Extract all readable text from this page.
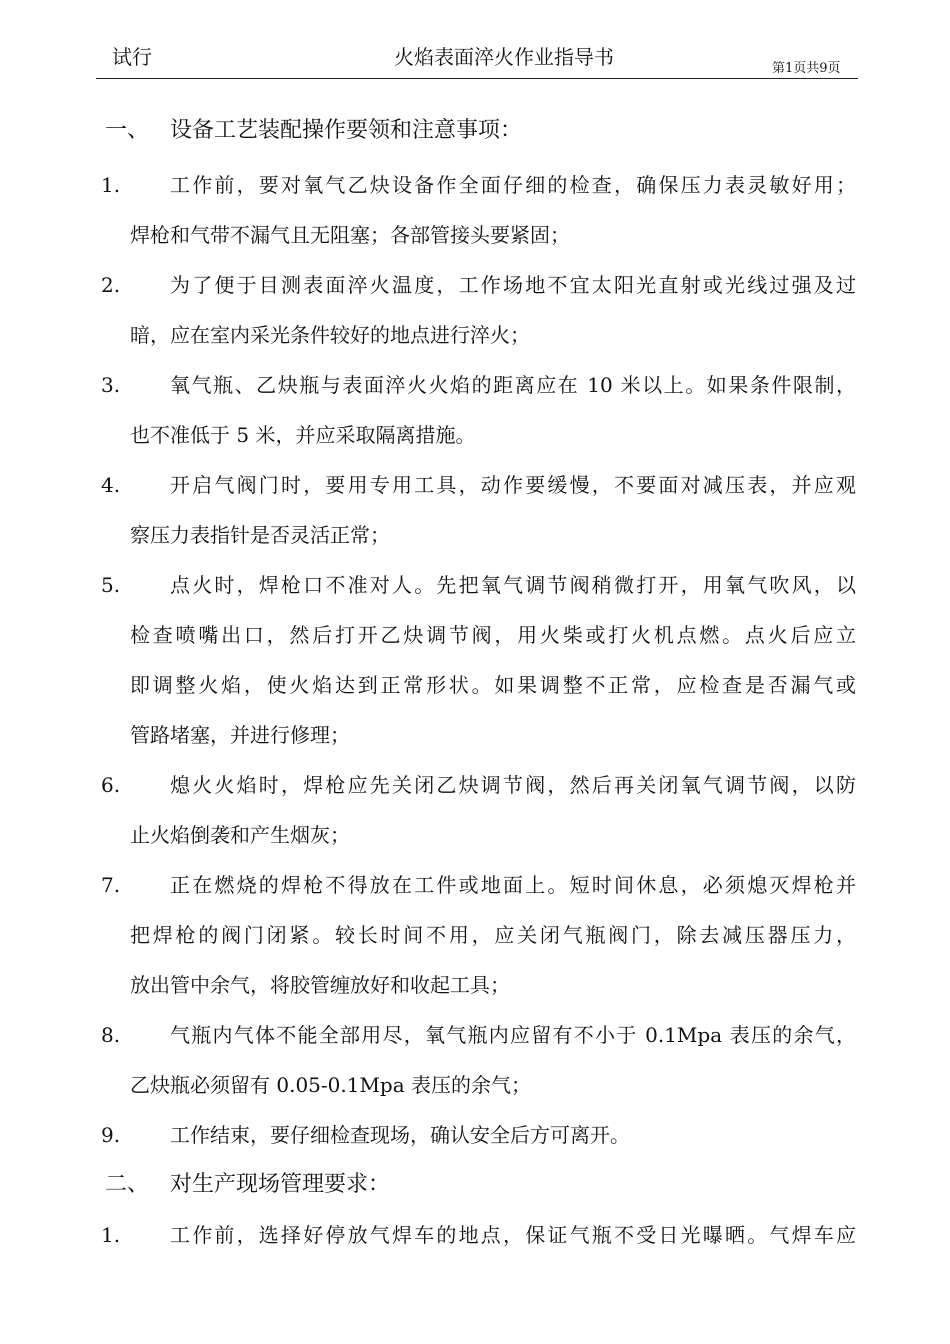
试行	火焰表面淬火作业指导书	第1页共9页
一、 设备工艺装配操作要领和注意事项：
1. 工作前，要对氧气乙炔设备作全面仔细的检查，确保压力表灵敏好用；
焊枪和气带不漏气且无阻塞；各部管接头要紧固；
2. 为了便于目测表面淬火温度，工作场地不宜太阳光直射或光线过强及过
暗，应在室内采光条件较好的地点进行淬火；
3. 氧气瓶、乙炔瓶与表面淬火火焰的距离应在 10 米以上。如果条件限制，
也不准低于 5 米，并应采取隔离措施。
4. 开启气阀门时，要用专用工具，动作要缓慢，不要面对减压表，并应观
察压力表指针是否灵活正常；
5. 点火时，焊枪口不准对人。先把氧气调节阀稍微打开，用氧气吹风，以
检查喷嘴出口，然后打开乙炔调节阀，用火柴或打火机点燃。点火后应立
即调整火焰，使火焰达到正常形状。如果调整不正常，应检查是否漏气或
管路堵塞，并进行修理；
6. 熄火火焰时，焊枪应先关闭乙炔调节阀，然后再关闭氧气调节阀，以防
止火焰倒袭和产生烟灰；
7. 正在燃烧的焊枪不得放在工件或地面上。短时间休息，必须熄灭焊枪并
把焊枪的阀门闭紧。较长时间不用，应关闭气瓶阀门，除去减压器压力，
放出管中余气，将胶管缠放好和收起工具；
8. 气瓶内气体不能全部用尽，氧气瓶内应留有不小于 0.1Mpa 表压的余气，
乙炔瓶必须留有 0.05-0.1Mpa 表压的余气；
9. 工作结束，要仔细检查现场，确认安全后方可离开。
二、 对生产现场管理要求：
1. 工作前，选择好停放气焊车的地点，保证气瓶不受日光曝晒。气焊车应
